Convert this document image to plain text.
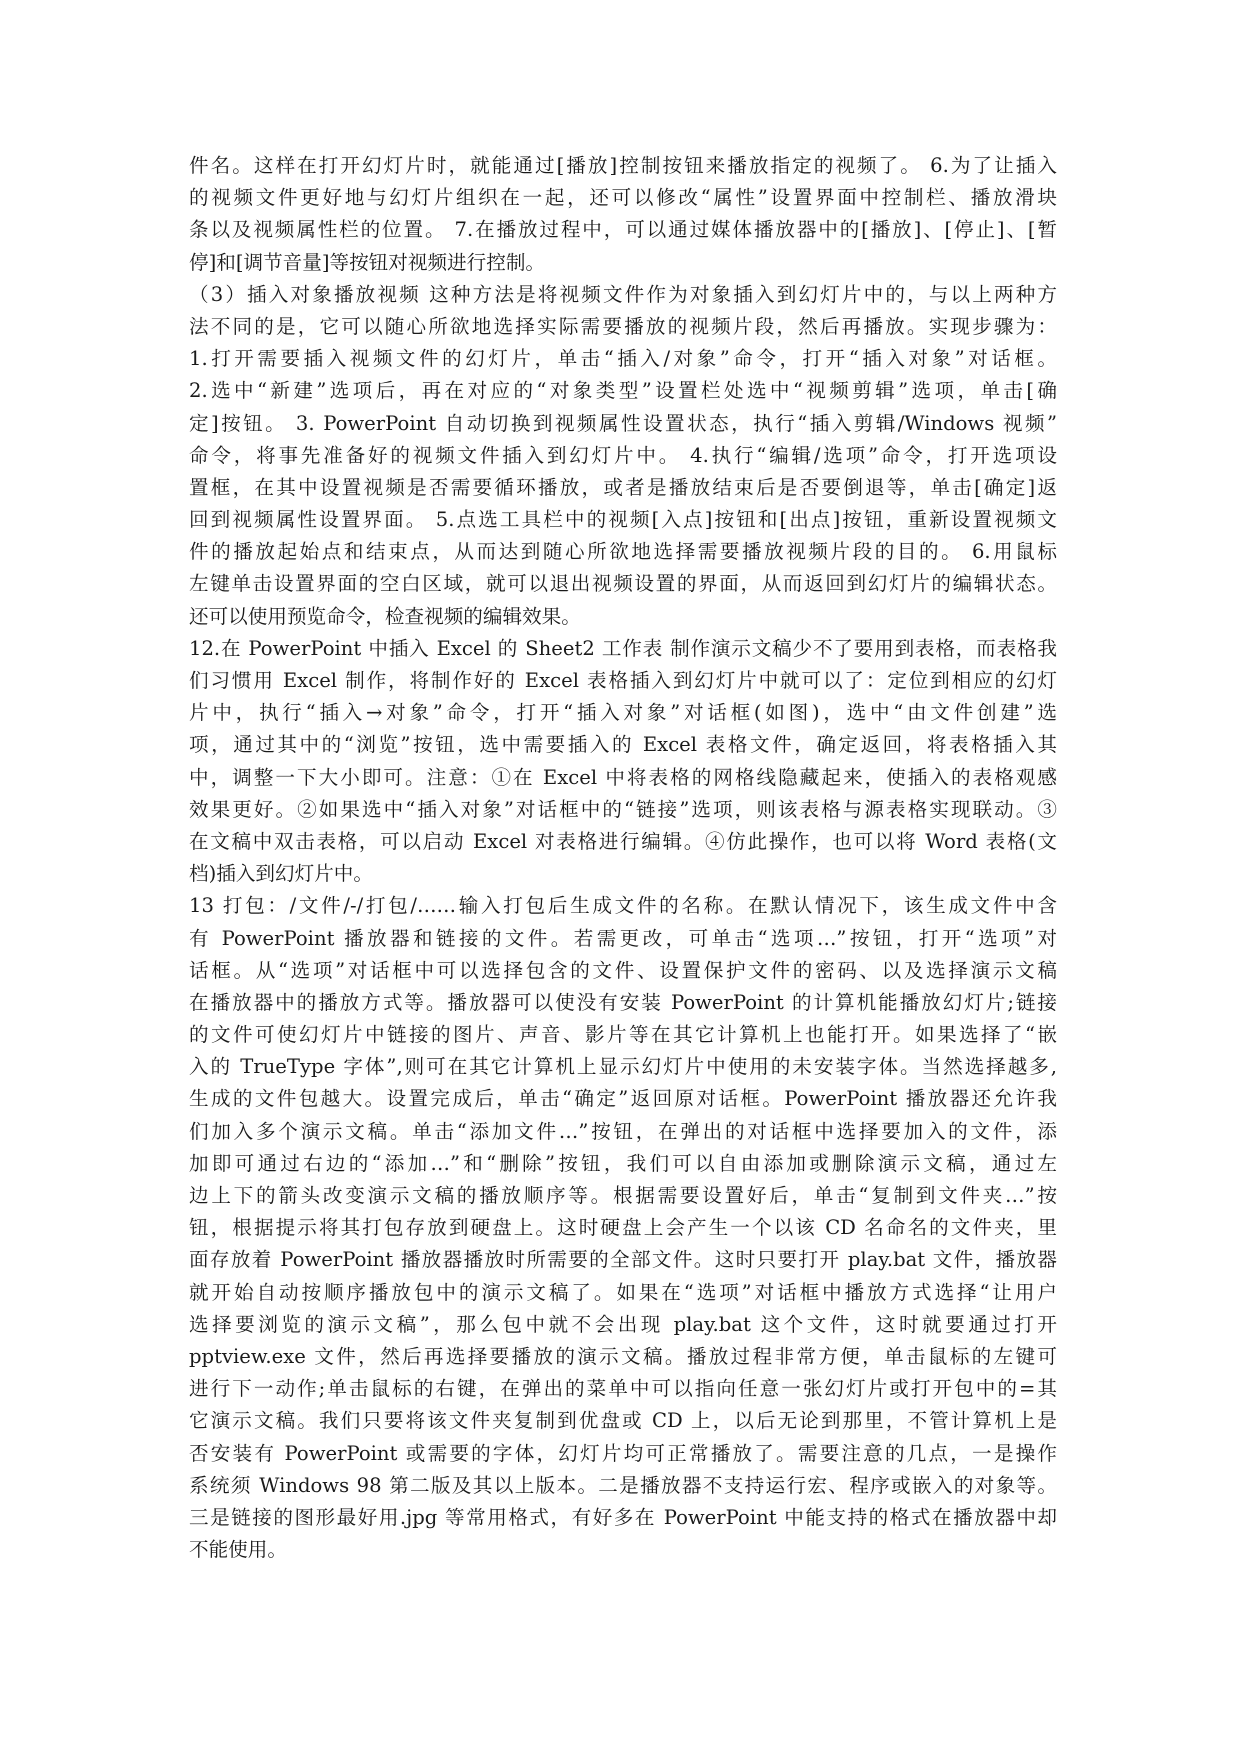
件名。这样在打开幻灯片时，就能通过[播放]控制按钮来播放指定的视频了。 6.为了让插入
的视频文件更好地与幻灯片组织在一起，还可以修改“属性”设置界面中控制栏、播放滑块
条以及视频属性栏的位置。 7.在播放过程中，可以通过媒体播放器中的[播放]、[停止]、[暂
停]和[调节音量]等按钮对视频进行控制。
（3）插入对象播放视频 这种方法是将视频文件作为对象插入到幻灯片中的，与以上两种方
法不同的是，它可以随心所欲地选择实际需要播放的视频片段，然后再播放。实现步骤为：
1.打开需要插入视频文件的幻灯片，单击“插入/对象”命令，打开“插入对象”对话框。
2.选中“新建”选项后，再在对应的“对象类型”设置栏处选中“视频剪辑”选项，单击[确
定]按钮。 3. PowerPoint 自动切换到视频属性设置状态，执行“插入剪辑/Windows 视频”
命令，将事先准备好的视频文件插入到幻灯片中。 4.执行“编辑/选项”命令，打开选项设
置框，在其中设置视频是否需要循环播放，或者是播放结束后是否要倒退等，单击[确定]返
回到视频属性设置界面。 5.点选工具栏中的视频[入点]按钮和[出点]按钮，重新设置视频文
件的播放起始点和结束点，从而达到随心所欲地选择需要播放视频片段的目的。 6.用鼠标
左键单击设置界面的空白区域，就可以退出视频设置的界面，从而返回到幻灯片的编辑状态。
还可以使用预览命令，检查视频的编辑效果。
12.在 PowerPoint 中插入 Excel 的 Sheet2 工作表 制作演示文稿少不了要用到表格，而表格我
们习惯用 Excel 制作，将制作好的 Excel 表格插入到幻灯片中就可以了：定位到相应的幻灯
片中，执行“插入→对象”命令，打开“插入对象”对话框(如图)，选中“由文件创建”选
项，通过其中的“浏览”按钮，选中需要插入的 Excel 表格文件，确定返回，将表格插入其
中，调整一下大小即可。注意：①在 Excel 中将表格的网格线隐藏起来，使插入的表格观感
效果更好。②如果选中“插入对象”对话框中的“链接”选项，则该表格与源表格实现联动。③
在文稿中双击表格，可以启动 Excel 对表格进行编辑。④仿此操作，也可以将 Word 表格(文
档)插入到幻灯片中。
13 打包：/文件/-/打包/……输入打包后生成文件的名称。在默认情况下，该生成文件中含
有 PowerPoint 播放器和链接的文件。若需更改，可单击“选项…”按钮，打开“选项”对
话框。从“选项”对话框中可以选择包含的文件、设置保护文件的密码、以及选择演示文稿
在播放器中的播放方式等。播放器可以使没有安装 PowerPoint 的计算机能播放幻灯片;链接
的文件可使幻灯片中链接的图片、声音、影片等在其它计算机上也能打开。如果选择了“嵌
入的 TrueType 字体”,则可在其它计算机上显示幻灯片中使用的未安装字体。当然选择越多,
生成的文件包越大。设置完成后，单击“确定”返回原对话框。PowerPoint 播放器还允许我
们加入多个演示文稿。单击“添加文件…”按钮，在弹出的对话框中选择要加入的文件，添
加即可通过右边的“添加…”和“删除”按钮，我们可以自由添加或删除演示文稿，通过左
边上下的箭头改变演示文稿的播放顺序等。根据需要设置好后，单击“复制到文件夹…”按
钮，根据提示将其打包存放到硬盘上。这时硬盘上会产生一个以该 CD 名命名的文件夹，里
面存放着 PowerPoint 播放器播放时所需要的全部文件。这时只要打开 play.bat 文件，播放器
就开始自动按顺序播放包中的演示文稿了。如果在“选项”对话框中播放方式选择“让用户
选择要浏览的演示文稿”，那么包中就不会出现 play.bat 这个文件，这时就要通过打开
pptview.exe 文件，然后再选择要播放的演示文稿。播放过程非常方便，单击鼠标的左键可
进行下一动作;单击鼠标的右键，在弹出的菜单中可以指向任意一张幻灯片或打开包中的=其
它演示文稿。我们只要将该文件夹复制到优盘或 CD 上，以后无论到那里，不管计算机上是
否安装有 PowerPoint 或需要的字体，幻灯片均可正常播放了。需要注意的几点，一是操作
系统须 Windows 98 第二版及其以上版本。二是播放器不支持运行宏、程序或嵌入的对象等。
三是链接的图形最好用.jpg 等常用格式，有好多在 PowerPoint 中能支持的格式在播放器中却
不能使用。
